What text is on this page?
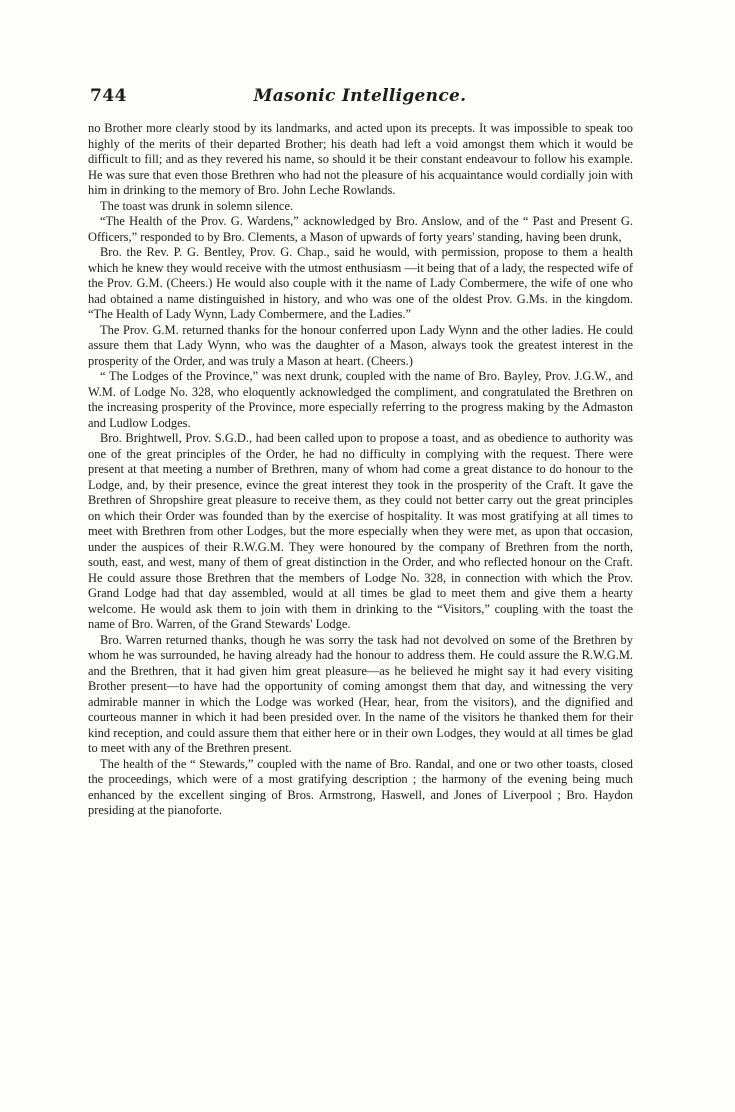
744	Masonic Intelligence.

no Brother more clearly stood by its landmarks, and acted upon its precepts. It was impossible to speak too highly of the merits of their departed Brother; his death had left a void amongst them which it would be difficult to fill; and as they revered his name, so should it be their constant endeavour to follow his example. He was sure that even those Brethren who had not the pleasure of his acquaintance would cordially join with him in drinking to the memory of Bro. John Leche Rowlands.

The toast was drunk in solemn silence.

“The Health of the Prov. G. Wardens,” acknowledged by Bro. Anslow, and of the “ Past and Present G. Officers,” responded to by Bro. Clements, a Mason of upwards of forty years' standing, having been drunk,

Bro. the Rev. P. G. Bentley, Prov. G. Chap., said he would, with permission, propose to them a health which he knew they would receive with the utmost enthusiasm —it being that of a lady, the respected wife of the Prov. G.M. (Cheers.) He would also couple with it the name of Lady Combermere, the wife of one who had obtained a name distinguished in history, and who was one of the oldest Prov. G.Ms. in the kingdom. “The Health of Lady Wynn, Lady Combermere, and the Ladies.”

The Prov. G.M. returned thanks for the honour conferred upon Lady Wynn and the other ladies. He could assure them that Lady Wynn, who was the daughter of a Mason, always took the greatest interest in the prosperity of the Order, and was truly a Mason at heart. (Cheers.)

“ The Lodges of the Province,” was next drunk, coupled with the name of Bro. Bayley, Prov. J.G.W., and W.M. of Lodge No. 328, who eloquently acknowledged the compliment, and congratulated the Brethren on the increasing prosperity of the Province, more especially referring to the progress making by the Admaston and Ludlow Lodges.

Bro. Brightwell, Prov. S.G.D., had been called upon to propose a toast, and as obedience to authority was one of the great principles of the Order, he had no difficulty in complying with the request. There were present at that meeting a number of Brethren, many of whom had come a great distance to do honour to the Lodge, and, by their presence, evince the great interest they took in the prosperity of the Craft. It gave the Brethren of Shropshire great pleasure to receive them, as they could not better carry out the great principles on which their Order was founded than by the exercise of hospitality. It was most gratifying at all times to meet with Brethren from other Lodges, but the more especially when they were met, as upon that occasion, under the auspices of their R.W.G.M. They were honoured by the company of Brethren from the north, south, east, and west, many of them of great distinction in the Order, and who reflected honour on the Craft. He could assure those Brethren that the members of Lodge No. 328, in connection with which the Prov. Grand Lodge had that day assembled, would at all times be glad to meet them and give them a hearty welcome. He would ask them to join with them in drinking to the “Visitors,” coupling with the toast the name of Bro. Warren, of the Grand Stewards' Lodge.

Bro. Warren returned thanks, though he was sorry the task had not devolved on some of the Brethren by whom he was surrounded, he having already had the honour to address them. He could assure the R.W.G.M. and the Brethren, that it had given him great pleasure—as he believed he might say it had every visiting Brother present—to have had the opportunity of coming amongst them that day, and witnessing the very admirable manner in which the Lodge was worked (Hear, hear, from the visitors), and the dignified and courteous manner in which it had been presided over. In the name of the visitors he thanked them for their kind reception, and could assure them that either here or in their own Lodges, they would at all times be glad to meet with any of the Brethren present.

The health of the “ Stewards,” coupled with the name of Bro. Randal, and one or two other toasts, closed the proceedings, which were of a most gratifying description ; the harmony of the evening being much enhanced by the excellent singing of Bros. Armstrong, Haswell, and Jones of Liverpool ; Bro. Haydon presiding at the pianoforte.
